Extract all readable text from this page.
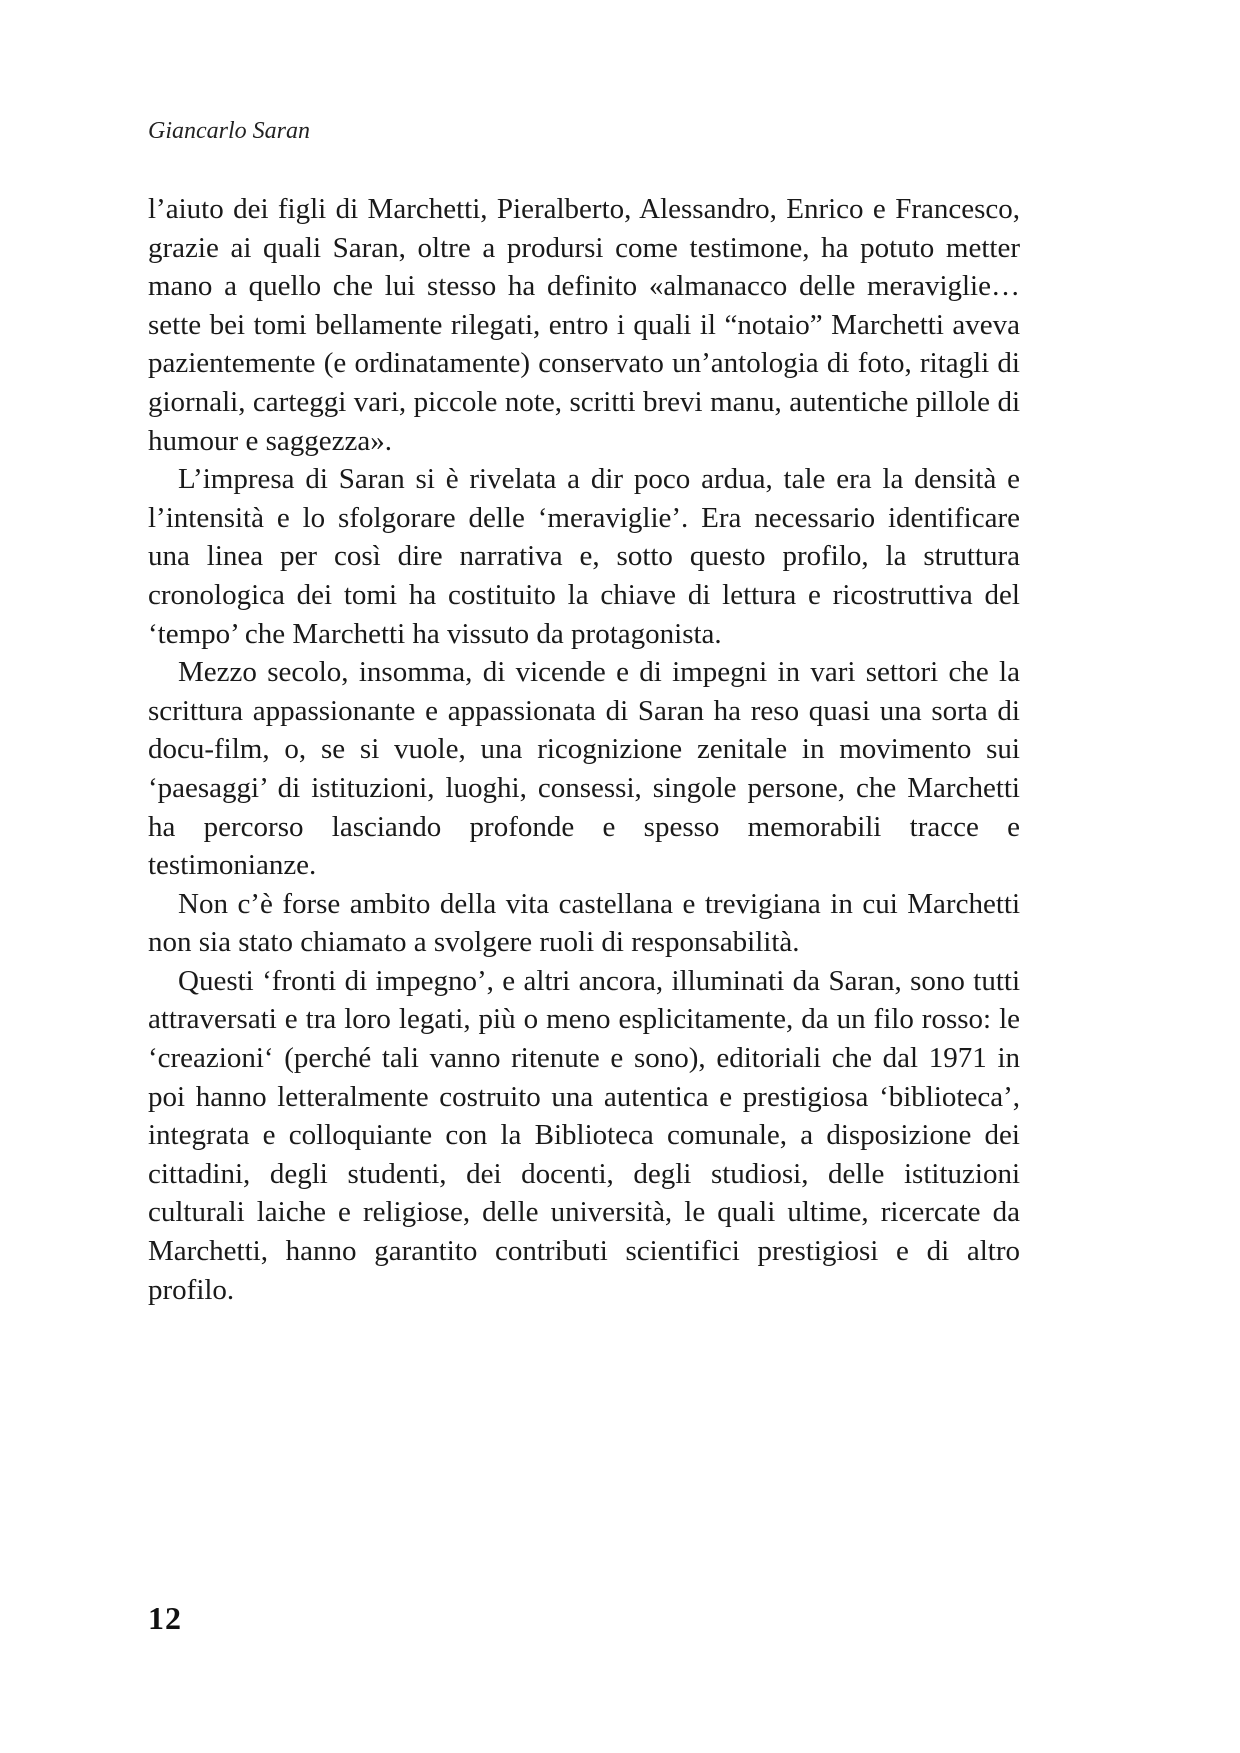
Giancarlo Saran

l’aiuto dei figli di Marchetti, Pieralberto, Alessandro, Enrico e Francesco, grazie ai quali Saran, oltre a prodursi come testimone, ha potuto metter mano a quello che lui stesso ha definito «almanacco delle meraviglie… sette bei tomi bellamente rilegati, entro i quali il “notaio” Marchetti aveva pazientemente (e ordinatamente) conservato un’antologia di foto, ritagli di giornali, carteggi vari, piccole note, scritti brevi manu, autentiche pillole di humour e saggezza».

L’impresa di Saran si è rivelata a dir poco ardua, tale era la densità e l’intensità e lo sfolgorare delle ‘meraviglie’. Era necessario identificare una linea per così dire narrativa e, sotto questo profilo, la struttura cronologica dei tomi ha costituito la chiave di lettura e ricostruttiva del ‘tempo’ che Marchetti ha vissuto da protagonista.

Mezzo secolo, insomma, di vicende e di impegni in vari settori che la scrittura appassionante e appassionata di Saran ha reso quasi una sorta di docu-film, o, se si vuole, una ricognizione zenitale in movimento sui ‘paesaggi’ di istituzioni, luoghi, consessi, singole persone, che Marchetti ha percorso lasciando profonde e spesso memorabili tracce e testimonianze.

Non c’è forse ambito della vita castellana e trevigiana in cui Marchetti non sia stato chiamato a svolgere ruoli di responsabilità.

Questi ‘fronti di impegno’, e altri ancora, illuminati da Saran, sono tutti attraversati e tra loro legati, più o meno esplicitamente, da un filo rosso: le ‘creazioni‘ (perché tali vanno ritenute e sono), editoriali che dal 1971 in poi hanno letteralmente costruito una autentica e prestigiosa ‘biblioteca’, integrata e colloquiante con la Biblioteca comunale, a disposizione dei cittadini, degli studenti, dei docenti, degli studiosi, delle istituzioni culturali laiche e religiose, delle università, le quali ultime, ricercate da Marchetti, hanno garantito contributi scientifici prestigiosi e di altro profilo.

12
